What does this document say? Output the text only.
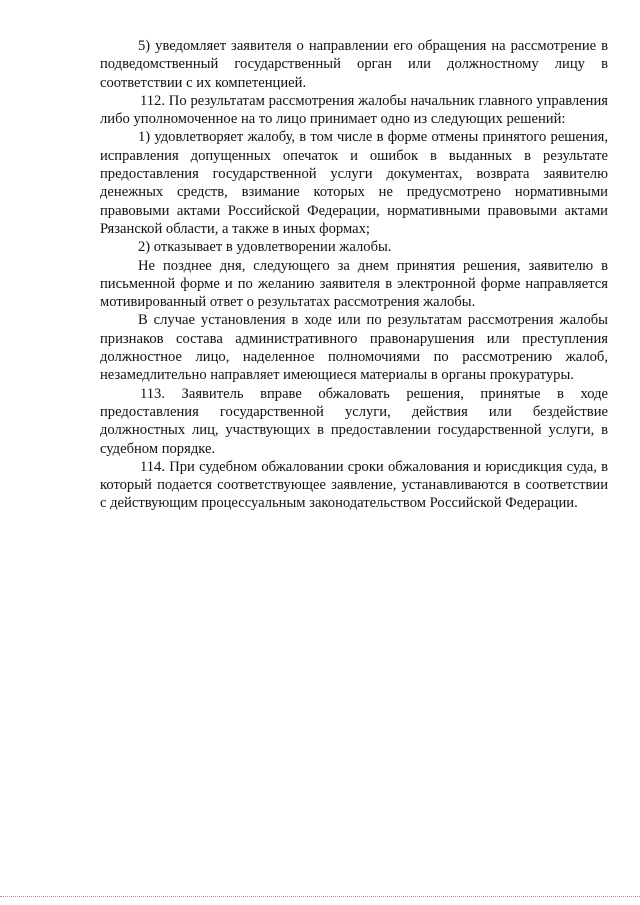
5) уведомляет заявителя о направлении его обращения на рассмотрение в подведомственный государственный орган или должностному лицу в соответствии с их компетенцией.

112. По результатам рассмотрения жалобы начальник главного управления либо уполномоченное на то лицо принимает одно из следующих решений:

1) удовлетворяет жалобу, в том числе в форме отмены принятого решения, исправления допущенных опечаток и ошибок в выданных в результате предоставления государственной услуги документах, возврата заявителю денежных средств, взимание которых не предусмотрено нормативными правовыми актами Российской Федерации, нормативными правовыми актами Рязанской области, а также в иных формах;

2) отказывает в удовлетворении жалобы.

Не позднее дня, следующего за днем принятия решения, заявителю в письменной форме и по желанию заявителя в электронной форме направляется мотивированный ответ о результатах рассмотрения жалобы.

В случае установления в ходе или по результатам рассмотрения жалобы признаков состава административного правонарушения или преступления должностное лицо, наделенное полномочиями по рассмотрению жалоб, незамедлительно направляет имеющиеся материалы в органы прокуратуры.

113. Заявитель вправе обжаловать решения, принятые в ходе предоставления государственной услуги, действия или бездействие должностных лиц, участвующих в предоставлении государственной услуги, в судебном порядке.

114. При судебном обжаловании сроки обжалования и юрисдикция суда, в который подается соответствующее заявление, устанавливаются в соответствии с действующим процессуальным законодательством Российской Федерации.
